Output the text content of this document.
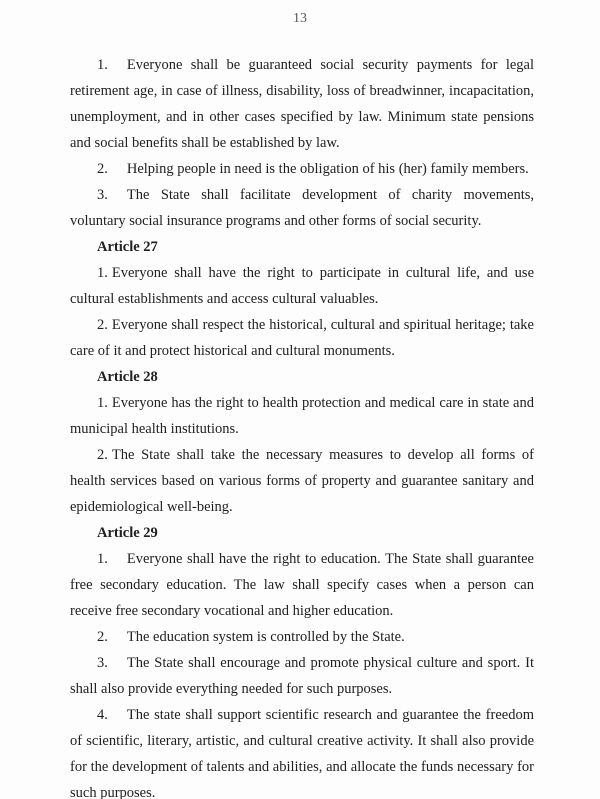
13

1. Everyone shall be guaranteed social security payments for legal retirement age, in case of illness, disability, loss of breadwinner, incapacitation, unemployment, and in other cases specified by law. Minimum state pensions and social benefits shall be established by law.

2. Helping people in need is the obligation of his (her) family members.

3. The State shall facilitate development of charity movements, voluntary social insurance programs and other forms of social security.

Article 27

1. Everyone shall have the right to participate in cultural life, and use cultural establishments and access cultural valuables.

2. Everyone shall respect the historical, cultural and spiritual heritage; take care of it and protect historical and cultural monuments.

Article 28

1. Everyone has the right to health protection and medical care in state and municipal health institutions.

2. The State shall take the necessary measures to develop all forms of health services based on various forms of property and guarantee sanitary and epidemiological well-being.

Article 29

1. Everyone shall have the right to education. The State shall guarantee free secondary education. The law shall specify cases when a person can receive free secondary vocational and higher education.

2. The education system is controlled by the State.

3. The State shall encourage and promote physical culture and sport. It shall also provide everything needed for such purposes.

4. The state shall support scientific research and guarantee the freedom of scientific, literary, artistic, and cultural creative activity. It shall also provide for the development of talents and abilities, and allocate the funds necessary for such purposes.
